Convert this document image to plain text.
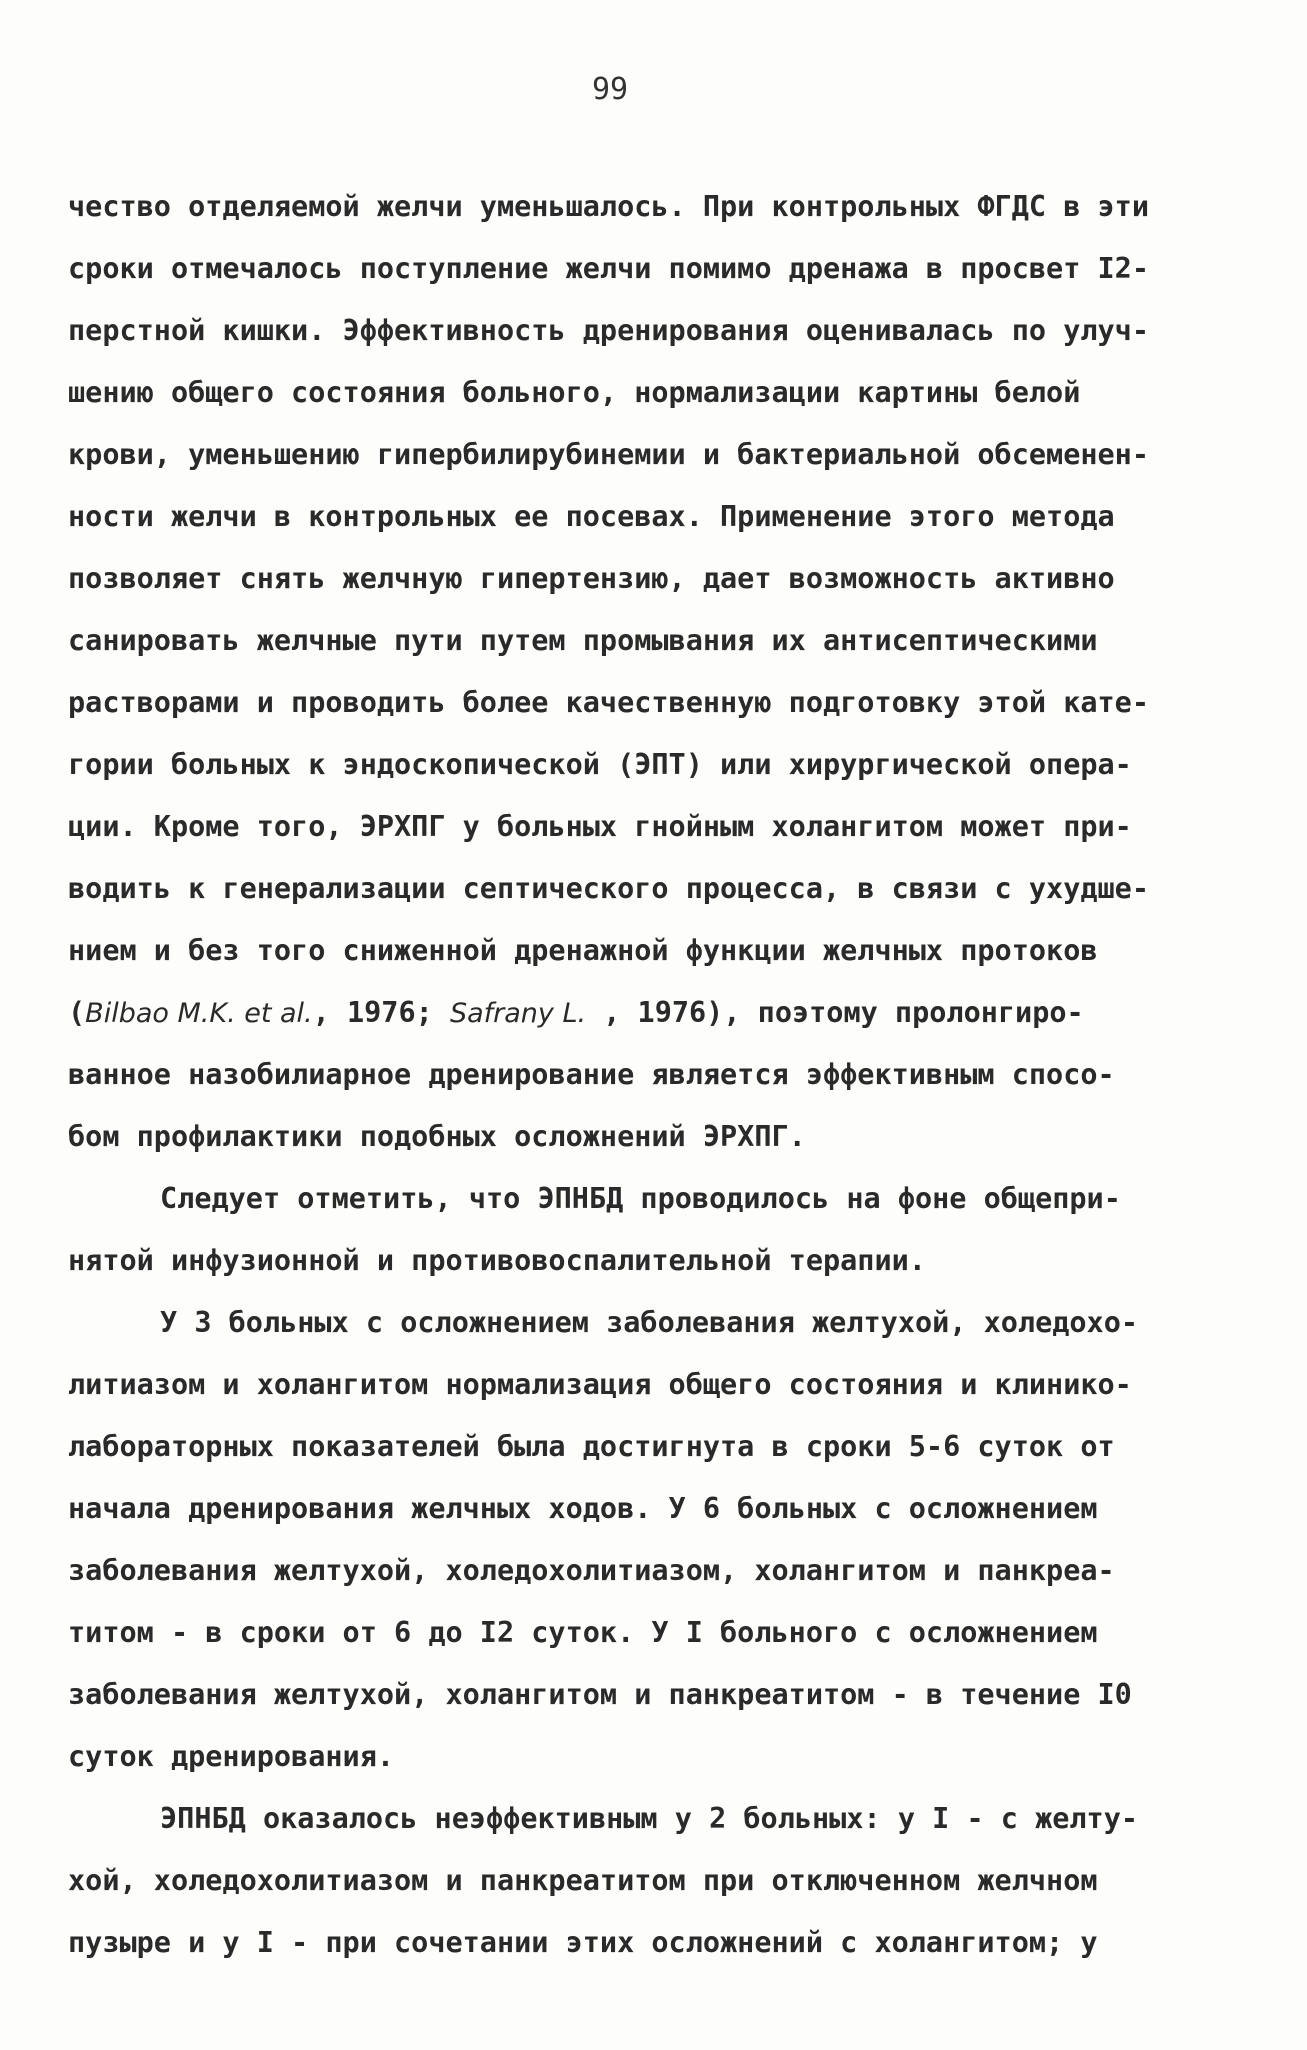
99
чество отделяемой желчи уменьшалось. При контрольных ФГДС в эти
сроки отмечалось поступление желчи помимо дренажа в просвет I2-
перстной кишки. Эффективность дренирования оценивалась по улуч-
шению общего состояния больного, нормализации картины белой
крови, уменьшению гипербилирубинемии и бактериальной обсеменен-
ности желчи в контрольных ее посевах. Применение этого метода
позволяет снять желчную гипертензию, дает возможность активно
санировать желчные пути путем промывания их антисептическими
растворами и проводить более качественную подготовку этой кате-
гории больных к эндоскопической (ЭПТ) или хирургической опера-
ции. Кроме того, ЭРХПГ у больных гнойным холангитом может при-
водить к генерализации септического процесса, в связи с ухудше-
нием и без того сниженной дренажной функции желчных протоков
(Bilbao M.K. et al., 1976; Safrany L. , 1976), поэтому пролонгиро-
ванное назобилиарное дренирование является эффективным спосо-
бом профилактики подобных осложнений ЭРХПГ.
Следует отметить, что ЭПНБД проводилось на фоне общепри-
нятой инфузионной и противовоспалительной терапии.
У 3 больных с осложнением заболевания желтухой, холедохо-
литиазом и холангитом нормализация общего состояния и клинико-
лабораторных показателей была достигнута в сроки 5-6 суток от
начала дренирования желчных ходов. У 6 больных с осложнением
заболевания желтухой, холедохолитиазом, холангитом и панкреа-
титом - в сроки от 6 до I2 суток. У I больного с осложнением
заболевания желтухой, холангитом и панкреатитом - в течение I0
суток дренирования.
ЭПНБД оказалось неэффективным у 2 больных: у I - с желту-
хой, холедохолитиазом и панкреатитом при отключенном желчном
пузыре и у I - при сочетании этих осложнений с холангитом; у
